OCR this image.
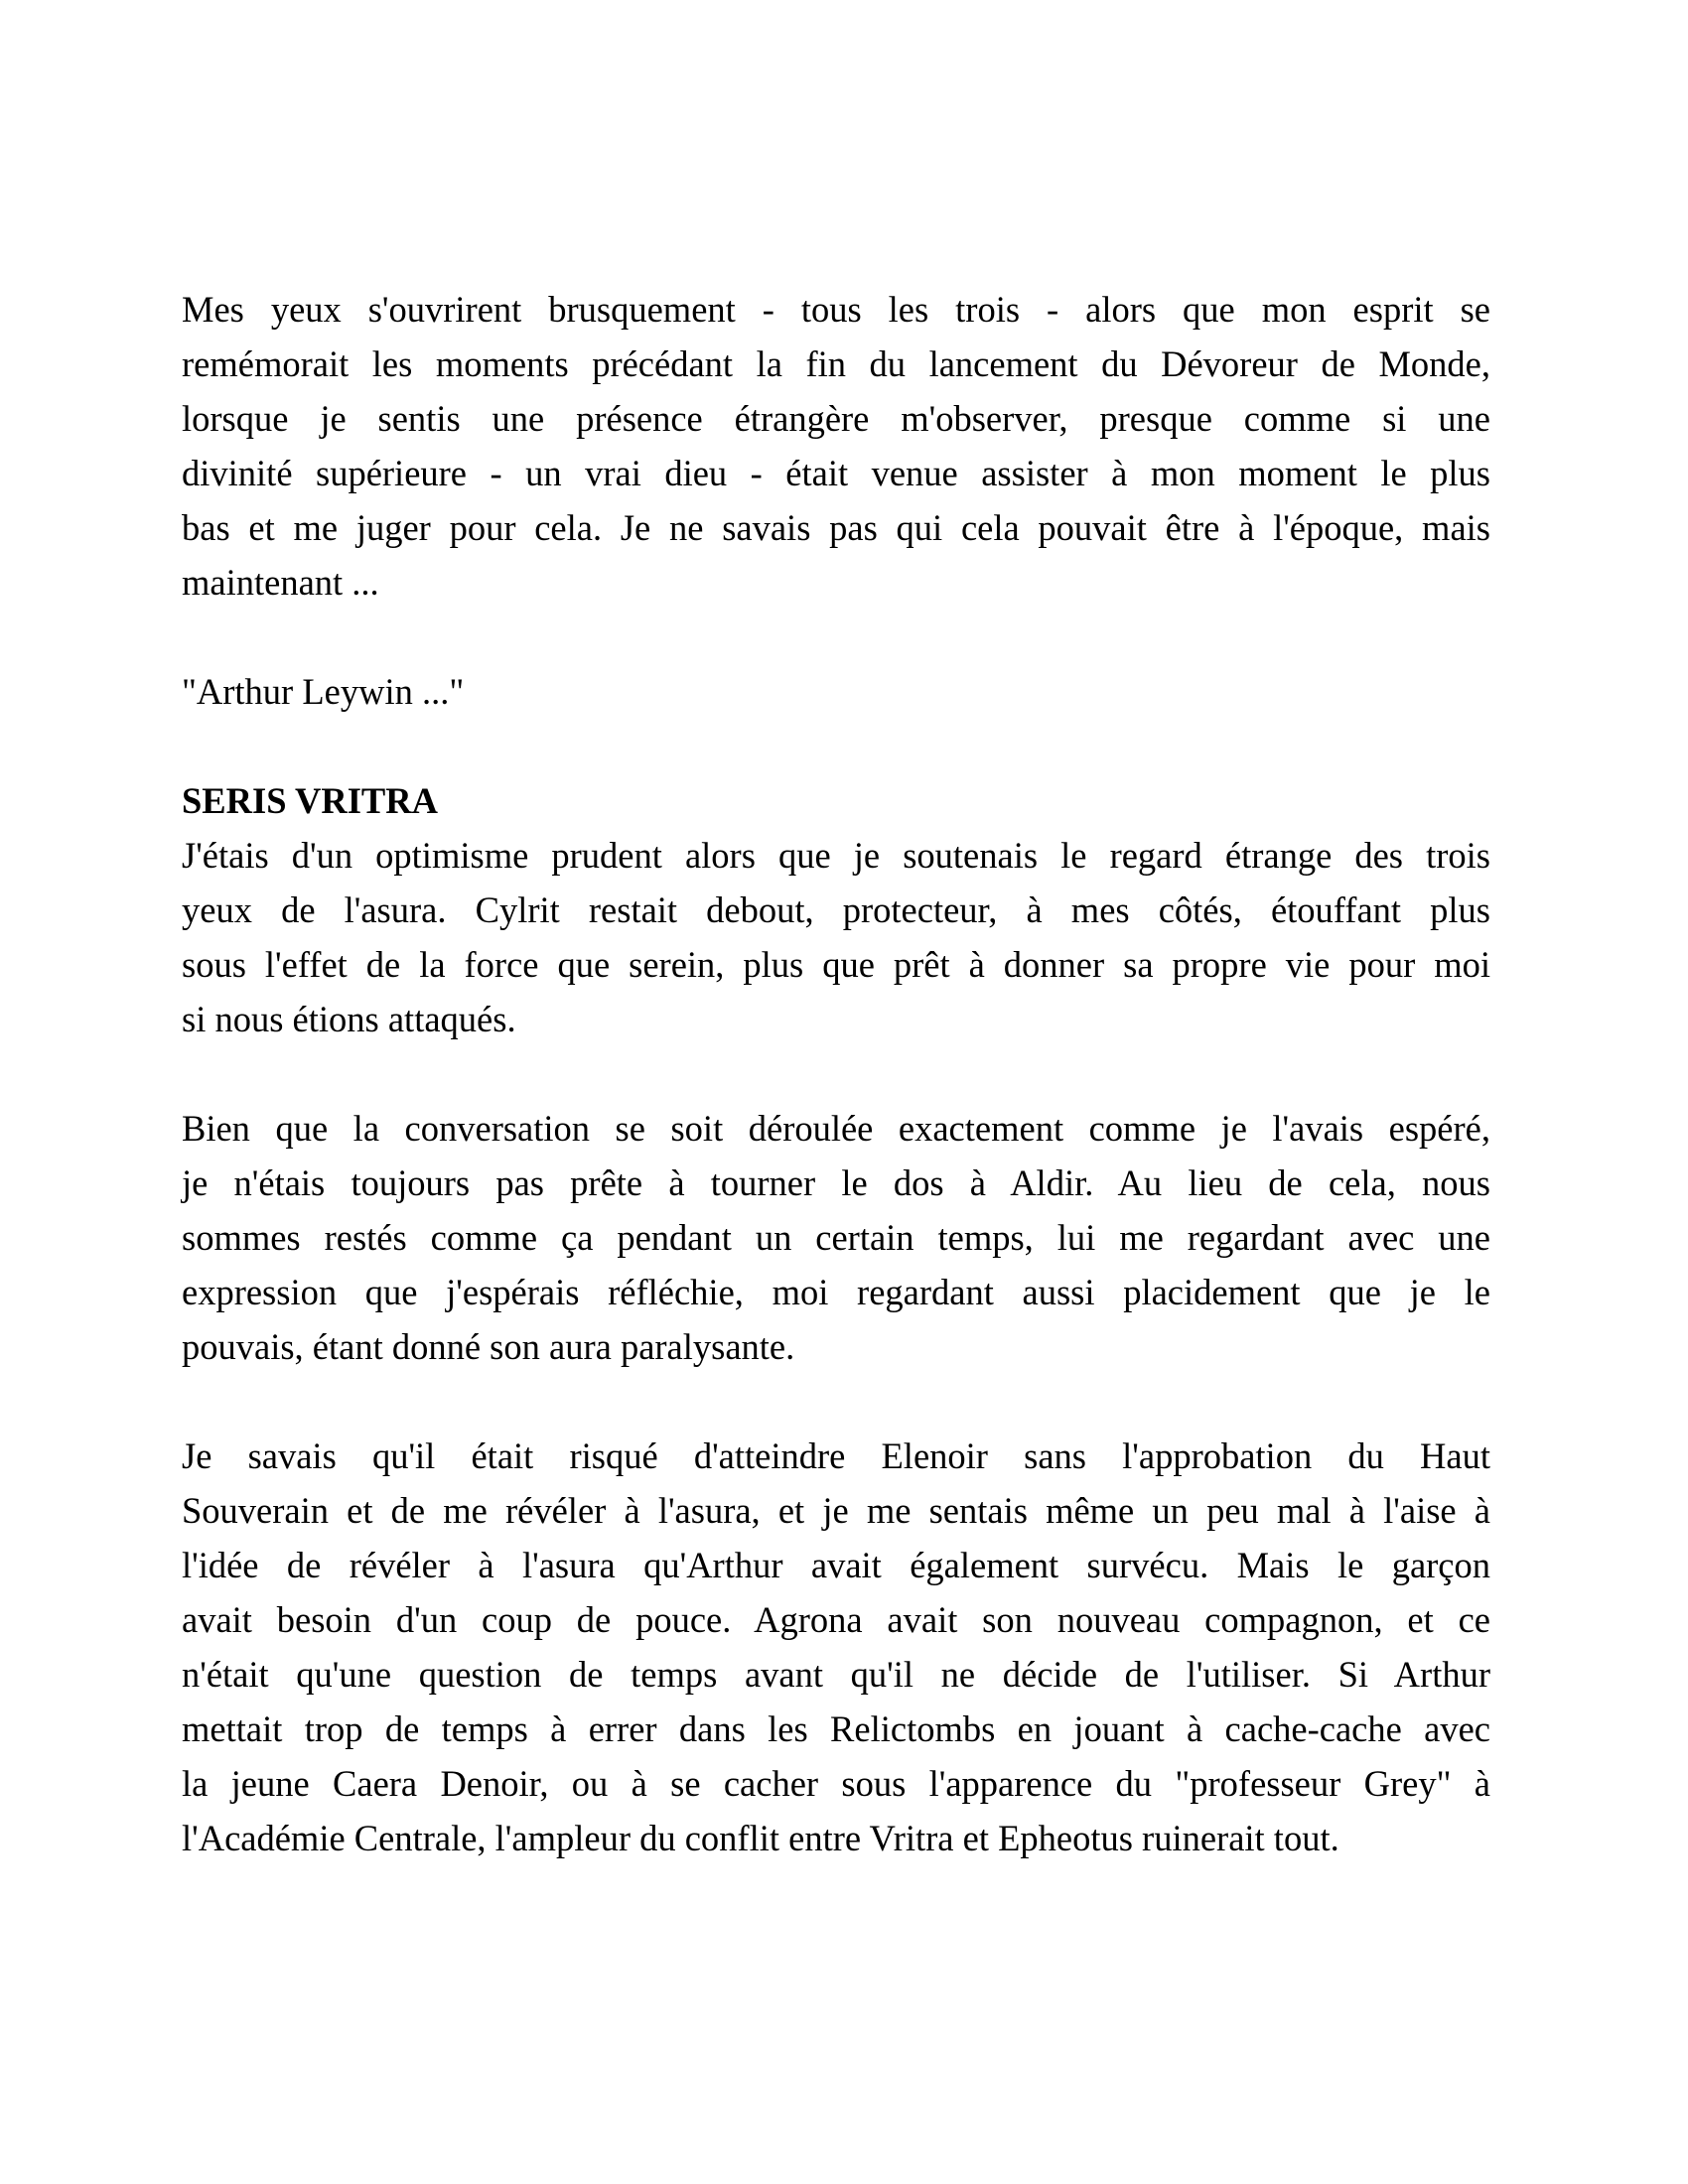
Mes yeux s'ouvrirent brusquement - tous les trois - alors que mon esprit se
remémorait les moments précédant la fin du lancement du Dévoreur de Monde,
lorsque je sentis une présence étrangère m'observer, presque comme si une
divinité supérieure - un vrai dieu - était venue assister à mon moment le plus
bas et me juger pour cela. Je ne savais pas qui cela pouvait être à l'époque, mais
maintenant ...
"Arthur Leywin ..."
SERIS VRITRA
J'étais d'un optimisme prudent alors que je soutenais le regard étrange des trois
yeux de l'asura. Cylrit restait debout, protecteur, à mes côtés, étouffant plus
sous l'effet de la force que serein, plus que prêt à donner sa propre vie pour moi
si nous étions attaqués.
Bien que la conversation se soit déroulée exactement comme je l'avais espéré,
je n'étais toujours pas prête à tourner le dos à Aldir. Au lieu de cela, nous
sommes restés comme ça pendant un certain temps, lui me regardant avec une
expression que j'espérais réfléchie, moi regardant aussi placidement que je le
pouvais, étant donné son aura paralysante.
Je savais qu'il était risqué d'atteindre Elenoir sans l'approbation du Haut
Souverain et de me révéler à l'asura, et je me sentais même un peu mal à l'aise à
l'idée de révéler à l'asura qu'Arthur avait également survécu. Mais le garçon
avait besoin d'un coup de pouce. Agrona avait son nouveau compagnon, et ce
n'était qu'une question de temps avant qu'il ne décide de l'utiliser. Si Arthur
mettait trop de temps à errer dans les Relictombs en jouant à cache-cache avec
la jeune Caera Denoir, ou à se cacher sous l'apparence du "professeur Grey" à
l'Académie Centrale, l'ampleur du conflit entre Vritra et Epheotus ruinerait tout.
